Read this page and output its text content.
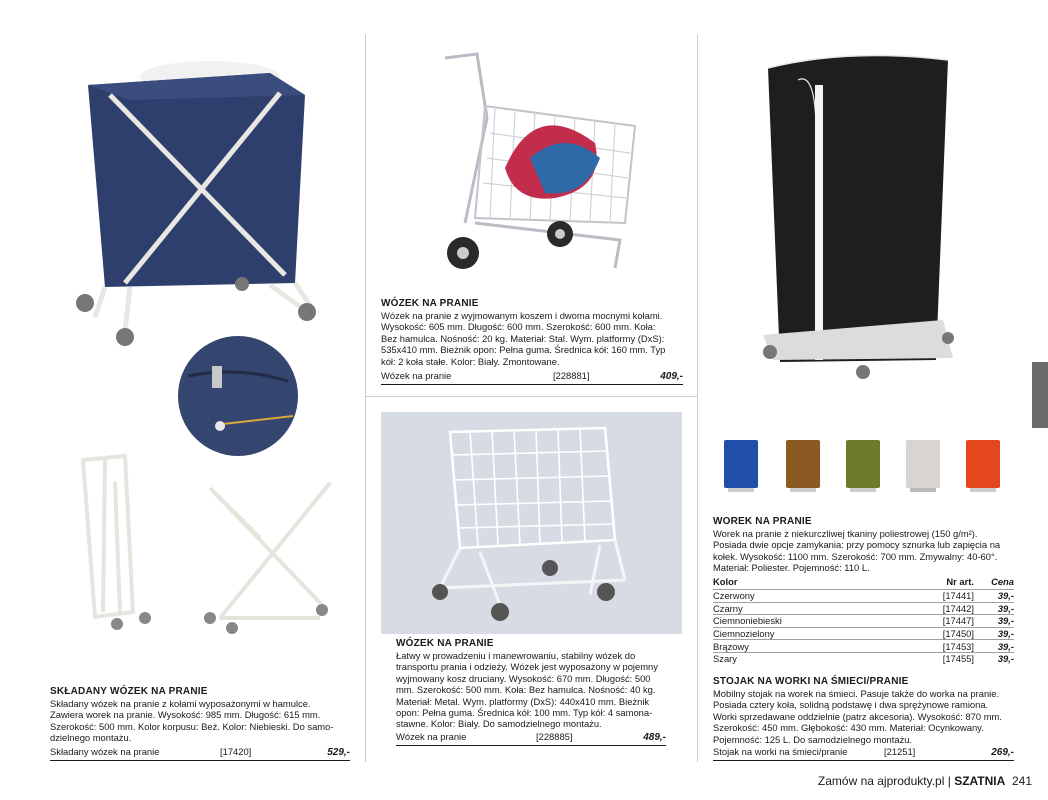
SKŁADANY WÓZEK NA PRANIE
Składany wózek na pranie z kołami wyposażonymi w hamulce.
Zawiera worek na pranie. Wysokość: 985 mm. Długość: 615 mm.
Szerokość: 500 mm. Kolor korpusu: Beż. Kolor: Niebieski. Do samo-
dzielnego montażu.
Składany wózek na pranie	[17420]	529,-
WÓZEK NA PRANIE
Wózek na pranie z wyjmowanym koszem i dwoma mocnymi kołami.
Wysokość: 605 mm. Długość: 600 mm. Szerokość: 600 mm. Koła:
Bez hamulca. Nośność: 20 kg. Materiał: Stal. Wym. platformy (DxS):
535x410 mm. Bieżnik opon: Pełna guma. Średnica kół: 160 mm. Typ
kół: 2 koła stałe. Kolor: Biały. Zmontowane.
Wózek na pranie	[228881]	409,-
WÓZEK NA PRANIE
Łatwy w prowadzeniu i manewrowaniu, stabilny wózek do
transportu prania i odzieży. Wózek jest wyposażony w pojemny
wyjmowany kosz druciany. Wysokość: 670 mm. Długość: 500
mm. Szerokość: 500 mm. Koła: Bez hamulca. Nośność: 40 kg.
Materiał: Metal. Wym. platformy (DxS): 440x410 mm. Bieżnik
opon: Pełna guma. Średnica kół: 100 mm. Typ kół: 4 samona-
stawne. Kolor: Biały. Do samodzielnego montażu.
Wózek na pranie	[228885]	489,-
WOREK NA PRANIE
Worek na pranie z niekurczliwej tkaniny poliestrowej (150 g/m²).
Posiada dwie opcje zamykania: przy pomocy sznurka lub zapięcia na
kołek. Wysokość: 1100 mm. Szerokość: 700 mm. Zmywalny: 40-60°.
Materiał: Poliester. Pojemność: 110 L.
Kolor	Nr art.	Cena
Czerwony	[17441]	39,-
Czarny	[17442]	39,-
Ciemnoniebieski	[17447]	39,-
Ciemnozielony	[17450]	39,-
Brązowy	[17453]	39,-
Szary	[17455]	39,-
STOJAK NA WORKI NA ŚMIECI/PRANIE
Mobilny stojak na worek na śmieci. Pasuje także do worka na pranie.
Posiada cztery koła, solidną podstawę i dwa sprężynowe ramiona.
Worki sprzedawane oddzielnie (patrz akcesoria). Wysokość: 870 mm.
Szerokość: 450 mm. Głębokość: 430 mm. Materiał: Ocynkowany.
Pojemność: 125 L. Do samodzielnego montażu.
Stojak na worki na śmieci/pranie	[21251]	269,-
Zamów na ajprodukty.pl | SZATNIA 241
